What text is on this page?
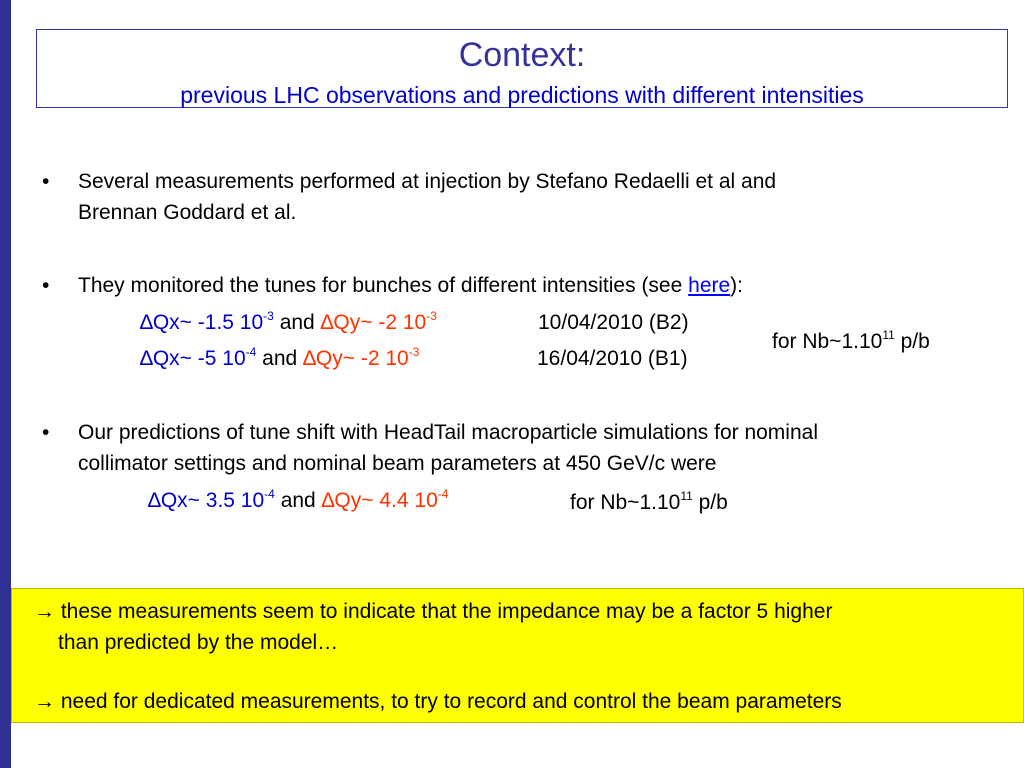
Context:
previous LHC observations and predictions with different intensities
• Several measurements performed at injection by Stefano Redaelli et al and
Brennan Goddard et al.
• They monitored the tunes for bunches of different intensities (see here):
∆Qx~ -1.5 $10^{-3}$ and ∆Qy~ -2 $10^{-3}$	10/04/2010 (B2)
∆Qx~ -5 $10^{-4}$ and ∆Qy~ -2 $10^{-3}$	16/04/2010 (B1)
for Nb~1.10$^{11}$ p/b
• Our predictions of tune shift with HeadTail macroparticle simulations for nominal
collimator settings and nominal beam parameters at 450 GeV/c were
∆Qx~ 3.5 $10^{-4}$ and ∆Qy~ 4.4 $10^{-4}$	for Nb~1.10$^{11}$ p/b
→ these measurements seem to indicate that the impedance may be a factor 5 higher
than predicted by the model…
→ need for dedicated measurements, to try to record and control the beam parameters
